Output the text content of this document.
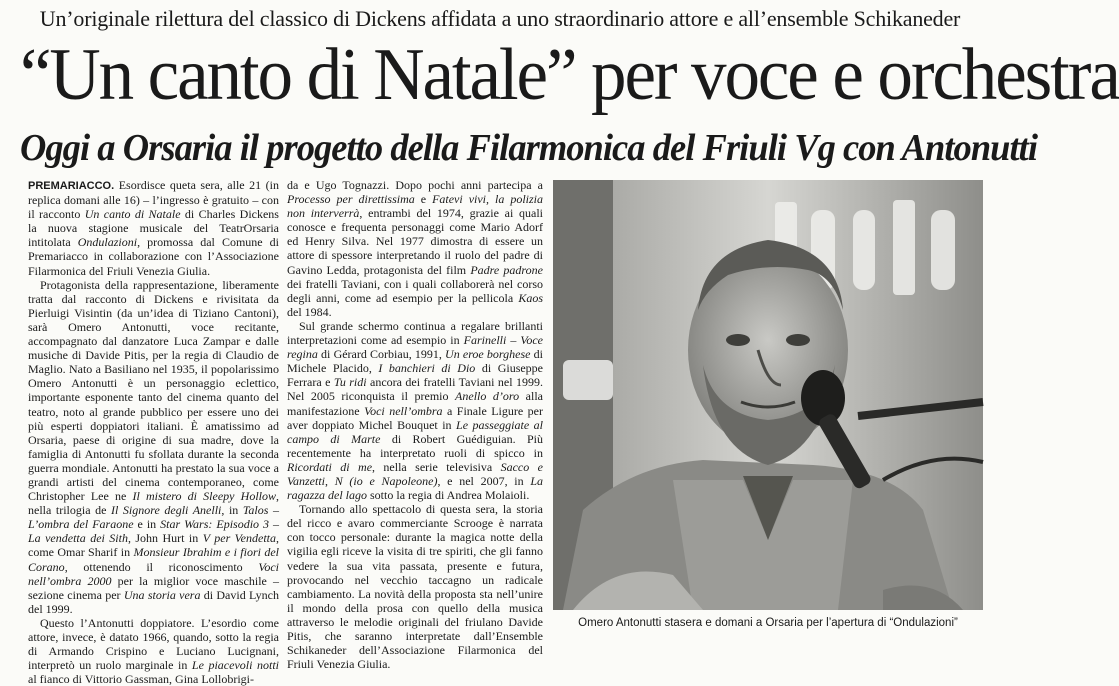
Un’originale rilettura del classico di Dickens affidata a uno straordinario attore e all’ensemble Schikaneder
“Un canto di Natale” per voce e orchestra
Oggi a Orsaria il progetto della Filarmonica del Friuli Vg con Antonutti

PREMARIACCO. Esordisce queta sera, alle 21 (in replica domani alle 16) – l’ingresso è gratuito – con il racconto Un canto di Natale di Charles Dickens la nuova stagione musicale del TeatrOrsaria intitolata Ondulazioni, promossa dal Comune di Premariacco in collaborazione con l’Associazione Filarmonica del Friuli Venezia Giulia.

Protagonista della rappresentazione, liberamente tratta dal racconto di Dickens e rivisitata da Pierluigi Visintin (da un’idea di Tiziano Cantoni), sarà Omero Antonutti, voce recitante, accompagnato dal danzatore Luca Zampar e dalle musiche di Davide Pitis, per la regia di Claudio de Maglio. Nato a Basiliano nel 1935, il popolarissimo Omero Antonutti è un personaggio eclettico, importante esponente tanto del cinema quanto del teatro, noto al grande pubblico per essere uno dei più esperti doppiatori italiani. È amatissimo ad Orsaria, paese di origine di sua madre, dove la famiglia di Antonutti fu sfollata durante la seconda guerra mondiale. Antonutti ha prestato la sua voce a grandi artisti del cinema contemporaneo, come Christopher Lee ne Il mistero di Sleepy Hollow, nella trilogia de Il Signore degli Anelli, in Talos – L’ombra del Faraone e in Star Wars: Episodio 3 – La vendetta dei Sith, John Hurt in V per Vendetta, come Omar Sharif in Monsieur Ibrahim e i fiori del Corano, ottenendo il riconoscimento Voci nell’ombra 2000 per la miglior voce maschile – sezione cinema per Una storia vera di David Lynch del 1999.

Questo l’Antonutti doppiatore. L’esordio come attore, invece, è datato 1966, quando, sotto la regia di Armando Crispino e Luciano Lucignani, interpretò un ruolo marginale in Le piacevoli notti al fianco di Vittorio Gassman, Gina Lollobrigi-

da e Ugo Tognazzi. Dopo pochi anni partecipa a Processo per direttissima e Fatevi vivi, la polizia non interverrà, entrambi del 1974, grazie ai quali conosce e frequenta personaggi come Mario Adorf ed Henry Silva. Nel 1977 dimostra di essere un attore di spessore interpretando il ruolo del padre di Gavino Ledda, protagonista del film Padre padrone dei fratelli Taviani, con i quali collaborerà nel corso degli anni, come ad esempio per la pellicola Kaos del 1984.

Sul grande schermo continua a regalare brillanti interpretazioni come ad esempio in Farinelli – Voce regina di Gérard Corbiau, 1991, Un eroe borghese di Michele Placido, I banchieri di Dio di Giuseppe Ferrara e Tu ridi ancora dei fratelli Taviani nel 1999. Nel 2005 riconquista il premio Anello d’oro alla manifestazione Voci nell’ombra a Finale Ligure per aver doppiato Michel Bouquet in Le passeggiate al campo di Marte di Robert Guédiguian. Più recentemente ha interpretato ruoli di spicco in Ricordati di me, nella serie televisiva Sacco e Vanzetti, N (io e Napoleone), e nel 2007, in La ragazza del lago sotto la regia di Andrea Molaioli.

Tornando allo spettacolo di questa sera, la storia del ricco e avaro commerciante Scrooge è narrata con tocco personale: durante la magica notte della vigilia egli riceve la visita di tre spiriti, che gli fanno vedere la sua vita passata, presente e futura, provocando nel vecchio taccagno un radicale cambiamento. La novità della proposta sta nell’unire il mondo della prosa con quello della musica attraverso le melodie originali del friulano Davide Pitis, che saranno interpretate dall’Ensemble Schikaneder dell’Associazione Filarmonica del Friuli Venezia Giulia.

Omero Antonutti stasera e domani a Orsaria per l’apertura di “Ondulazioni”
